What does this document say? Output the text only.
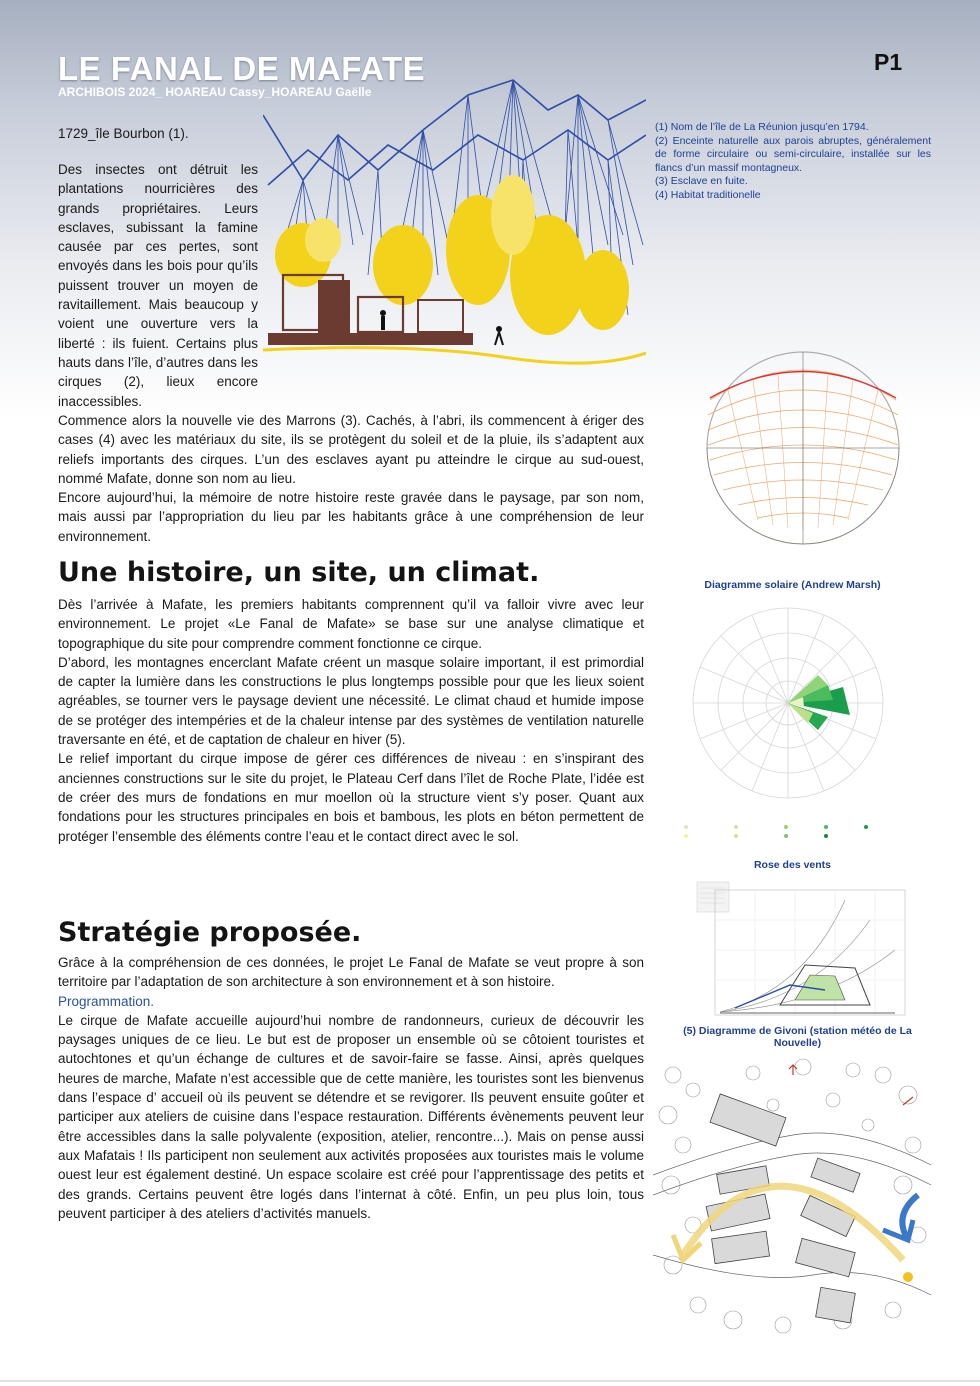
LE FANAL DE MAFATE
ARCHIBOIS 2024_ HOAREAU Cassy_HOAREAU Gaëlle
P1

1729_île Bourbon (1).

Des insectes ont détruit les plantations nourricières des grands propriétaires. Leurs esclaves, subissant la famine causée par ces pertes, sont envoyés dans les bois pour qu’ils puissent trouver un moyen de ravitaillement. Mais beaucoup y voient une ouverture vers la liberté : ils fuient. Certains plus hauts dans l’île, d’autres dans les cirques (2), lieux encore inaccessibles.

Commence alors la nouvelle vie des Marrons (3). Cachés, à l’abri, ils commencent à ériger des cases (4) avec les matériaux du site, ils se protègent du soleil et de la pluie, ils s’adaptent aux reliefs importants des cirques. L’un des esclaves ayant pu atteindre le cirque au sud-ouest, nommé Mafate, donne son nom au lieu.

Encore aujourd’hui, la mémoire de notre histoire reste gravée dans le paysage, par son nom, mais aussi par l’appropriation du lieu par les habitants grâce à une compréhension de leur environnement.

(1) Nom de l’île de La Réunion jusqu’en 1794.

(2) Enceinte naturelle aux parois abruptes, généralement de forme circulaire ou semi-circulaire, installée sur les flancs d’un massif montagneux.

(3) Esclave en fuite.

(4) Habitat traditionelle

Diagramme solaire (Andrew Marsh)
Rose des vents
(5) Diagramme de Givoni (station météo de La Nouvelle)
Une histoire, un site, un climat.

Dès l’arrivée à Mafate, les premiers habitants comprennent qu’il va falloir vivre avec leur environnement. Le projet «Le Fanal de Mafate» se base sur une analyse climatique et topographique du site pour comprendre comment fonctionne ce cirque.

D’abord, les montagnes encerclant Mafate créent un masque solaire important, il est primordial de capter la lumière dans les constructions le plus longtemps possible pour que les lieux soient agréables, se tourner vers le paysage devient une nécessité. Le climat chaud et humide impose de se protéger des intempéries et de la chaleur intense par des systèmes de ventilation naturelle traversante en été, et de captation de chaleur en hiver (5).

Le relief important du cirque impose de gérer ces différences de niveau : en s’inspirant des anciennes constructions sur le site du projet, le Plateau Cerf dans l’îlet de Roche Plate, l’idée est de créer des murs de fondations en mur moellon où la structure vient s’y poser. Quant aux fondations pour les structures principales en bois et bambous, les plots en béton permettent de protéger l’ensemble des éléments contre l’eau et le contact direct avec le sol.

Stratégie proposée.

Grâce à la compréhension de ces données, le projet Le Fanal de Mafate se veut propre à son territoire par l’adaptation de son architecture à son environnement et à son histoire.

Programmation.

Le cirque de Mafate accueille aujourd’hui nombre de randonneurs, curieux de découvrir les paysages uniques de ce lieu. Le but est de proposer un ensemble où se côtoient touristes et autochtones et qu’un échange de cultures et de savoir-faire se fasse. Ainsi, après quelques heures de marche, Mafate n’est accessible que de cette manière, les touristes sont les bienvenus dans l’espace d’ accueil où ils peuvent se détendre et se revigorer. Ils peuvent ensuite goûter et participer aux ateliers de cuisine dans l’espace restauration. Différents évènements peuvent leur être accessibles dans la salle polyvalente (exposition, atelier, rencontre...). Mais on pense aussi aux Mafatais ! Ils participent non seulement aux activités proposées aux touristes mais le volume ouest leur est également destiné. Un espace scolaire est créé pour l’apprentissage des petits et des grands. Certains peuvent être logés dans l’internat à côté. Enfin, un peu plus loin, tous peuvent participer à des ateliers d’activités manuels.
